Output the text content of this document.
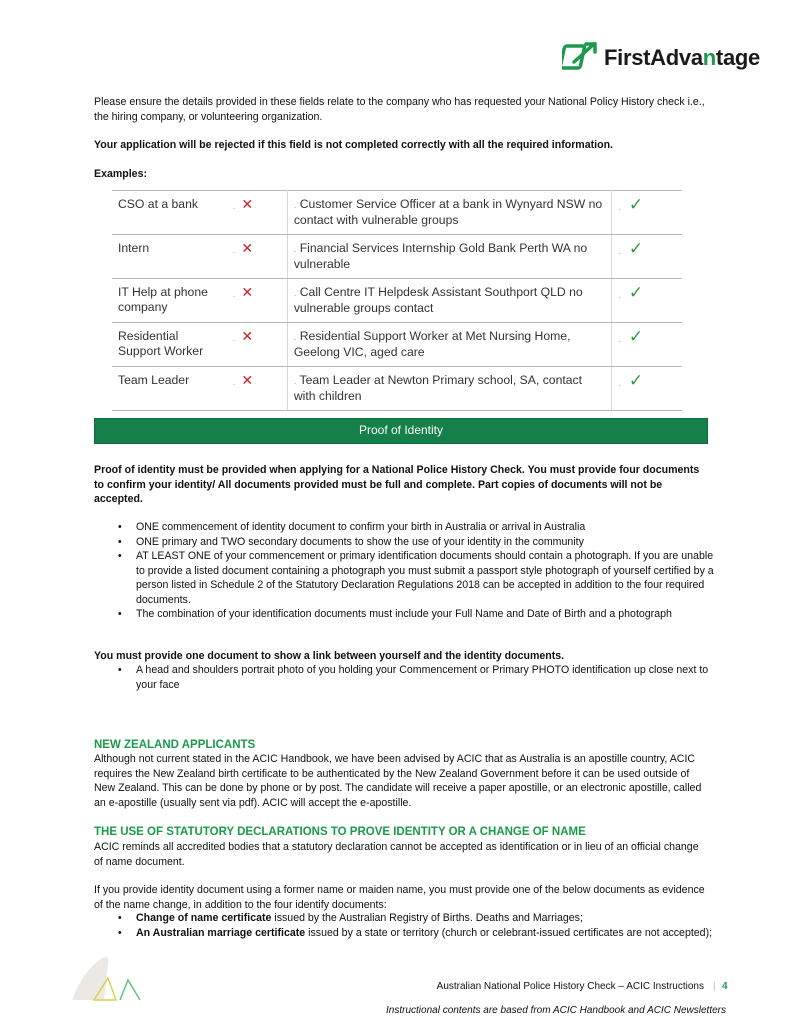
FirstAdvantage

Please ensure the details provided in these fields relate to the company who has requested your National Policy History check i.e., the hiring company, or volunteering organization.

Your application will be rejected if this field is not completed correctly with all the required information.

Examples:

CSO at a bank	. ✕	. Customer Service Officer at a bank in Wynyard NSW no contact with vulnerable groups	. ✓
Intern	. ✕	. Financial Services Internship Gold Bank Perth WA no vulnerable	. ✓
IT Help at phone company	. ✕	. Call Centre IT Helpdesk Assistant Southport QLD no vulnerable groups contact	. ✓
Residential Support Worker	. ✕	. Residential Support Worker at Met Nursing Home, Geelong VIC, aged care	. ✓
Team Leader	. ✕	. Team Leader at Newton Primary school, SA, contact with children	. ✓
Proof of Identity

Proof of identity must be provided when applying for a National Police History Check. You must provide four documents to confirm your identity/ All documents provided must be full and complete. Part copies of documents will not be accepted.

• ONE commencement of identity document to confirm your birth in Australia or arrival in Australia
• ONE primary and TWO secondary documents to show the use of your identity in the community
• AT LEAST ONE of your commencement or primary identification documents should contain a photograph. If you are unable to provide a listed document containing a photograph you must submit a passport style photograph of yourself certified by a person listed in Schedule 2 of the Statutory Declaration Regulations 2018 can be accepted in addition to the four required documents.
• The combination of your identification documents must include your Full Name and Date of Birth and a photograph

You must provide one document to show a link between yourself and the identity documents.

• A head and shoulders portrait photo of you holding your Commencement or Primary PHOTO identification up close next to your face
NEW ZEALAND APPLICANTS

Although not current stated in the ACIC Handbook, we have been advised by ACIC that as Australia is an apostille country, ACIC requires the New Zealand birth certificate to be authenticated by the New Zealand Government before it can be used outside of New Zealand. This can be done by phone or by post. The candidate will receive a paper apostille, or an electronic apostille, called an e-apostille (usually sent via pdf). ACIC will accept the e-apostille.

THE USE OF STATUTORY DECLARATIONS TO PROVE IDENTITY OR A CHANGE OF NAME

ACIC reminds all accredited bodies that a statutory declaration cannot be accepted as identification or in lieu of an official change of name document.

If you provide identity document using a former name or maiden name, you must provide one of the below documents as evidence of the name change, in addition to the four identify documents:

• Change of name certificate issued by the Australian Registry of Births. Deaths and Marriages;
• An Australian marriage certificate issued by a state or territory (church or celebrant-issued certificates are not accepted);
Australian National Police History Check – ACIC Instructions | 4
Instructional contents are based from ACIC Handbook and ACIC Newsletters
